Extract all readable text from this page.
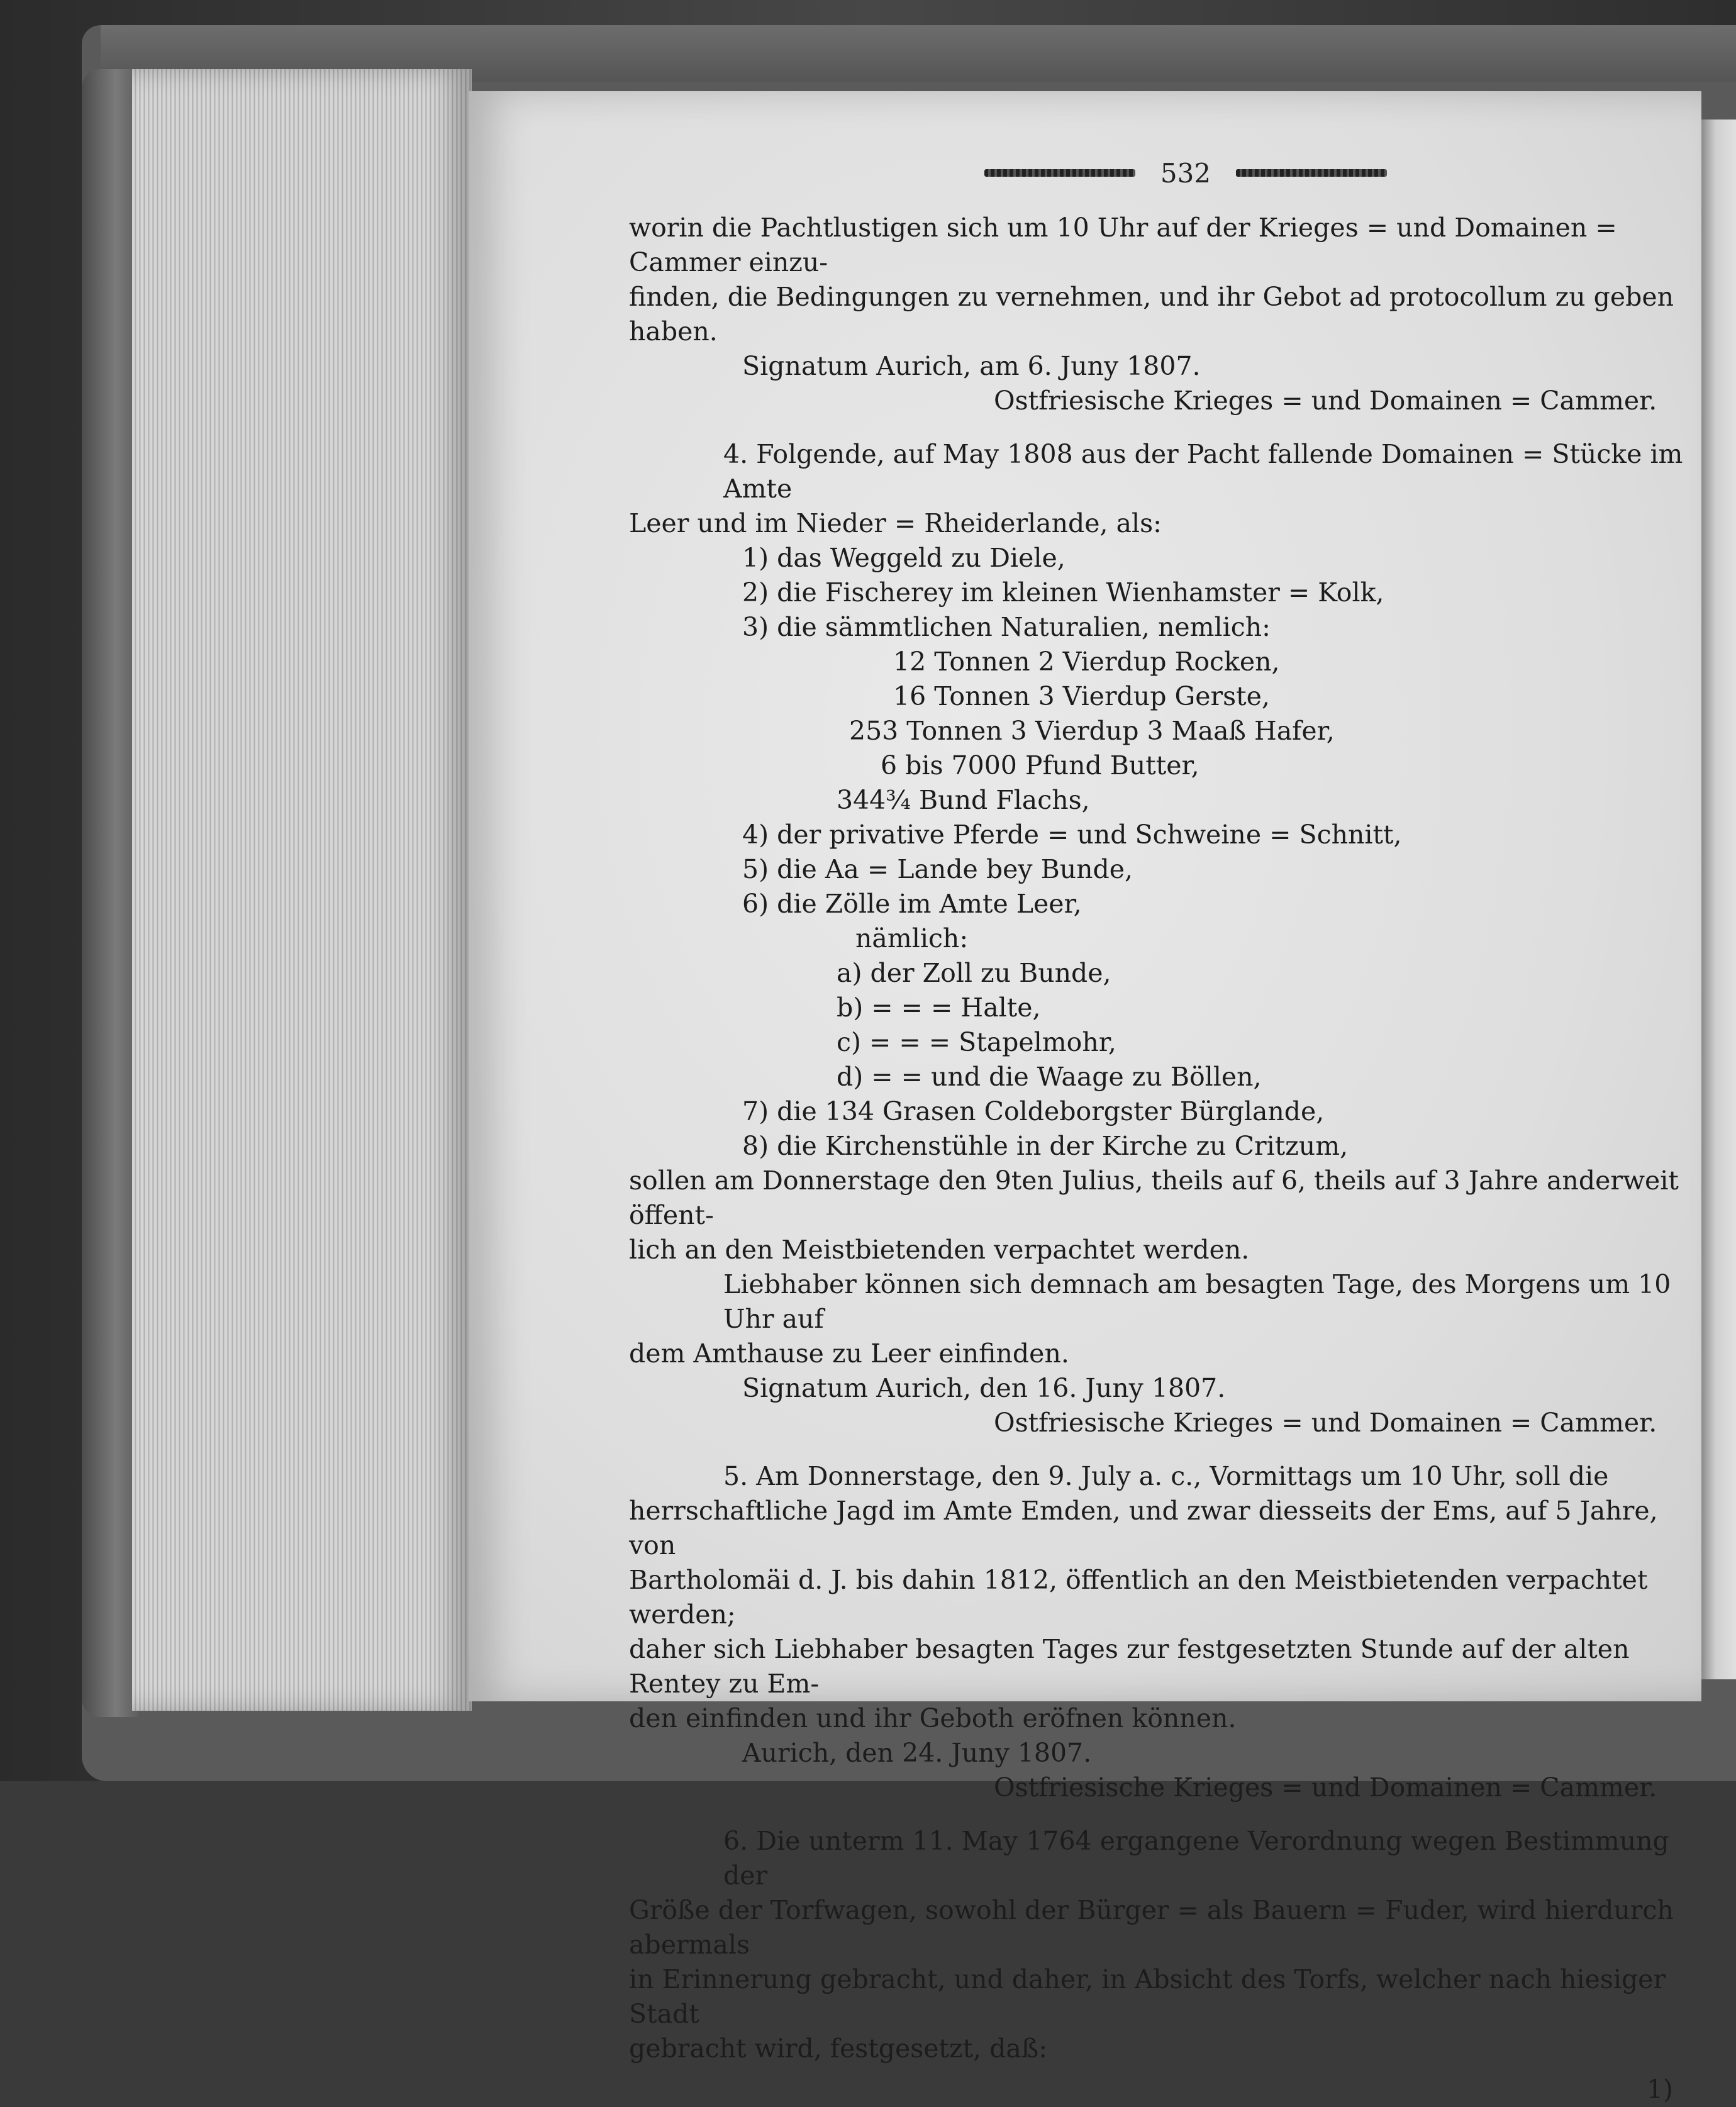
532

worin die Pachtlustigen sich um 10 Uhr auf der Krieges = und Domainen = Cammer einzu-

finden, die Bedingungen zu vernehmen, und ihr Gebot ad protocollum zu geben haben.

Signatum Aurich, am 6. Juny 1807.

Ostfriesische Krieges = und Domainen = Cammer.

4. Folgende, auf May 1808 aus der Pacht fallende Domainen = Stücke im Amte

Leer und im Nieder = Rheiderlande, als:

1) das Weggeld zu Diele,

2) die Fischerey im kleinen Wienhamster = Kolk,

3) die sämmtlichen Naturalien, nemlich:

12 Tonnen 2 Vierdup Rocken,

16 Tonnen 3 Vierdup Gerste,

253 Tonnen 3 Vierdup 3 Maaß Hafer,

6 bis 7000 Pfund Butter,

344¾ Bund Flachs,

4) der privative Pferde = und Schweine = Schnitt,

5) die Aa = Lande bey Bunde,

6) die Zölle im Amte Leer,

nämlich:

a) der Zoll zu Bunde,

b) = = = Halte,

c) = = = Stapelmohr,

d) = = und die Waage zu Böllen,

7) die 134 Grasen Coldeborgster Bürglande,

8) die Kirchenstühle in der Kirche zu Critzum,

sollen am Donnerstage den 9ten Julius, theils auf 6, theils auf 3 Jahre anderweit öffent-

lich an den Meistbietenden verpachtet werden.

Liebhaber können sich demnach am besagten Tage, des Morgens um 10 Uhr auf

dem Amthause zu Leer einfinden.

Signatum Aurich, den 16. Juny 1807.

Ostfriesische Krieges = und Domainen = Cammer.

5. Am Donnerstage, den 9. July a. c., Vormittags um 10 Uhr, soll die

herrschaftliche Jagd im Amte Emden, und zwar diesseits der Ems, auf 5 Jahre, von

Bartholomäi d. J. bis dahin 1812, öffentlich an den Meistbietenden verpachtet werden;

daher sich Liebhaber besagten Tages zur festgesetzten Stunde auf der alten Rentey zu Em-

den einfinden und ihr Geboth eröfnen können.

Aurich, den 24. Juny 1807.

Ostfriesische Krieges = und Domainen = Cammer.

6. Die unterm 11. May 1764 ergangene Verordnung wegen Bestimmung der

Größe der Torfwagen, sowohl der Bürger = als Bauern = Fuder, wird hierdurch abermals

in Erinnerung gebracht, und daher, in Absicht des Torfs, welcher nach hiesiger Stadt

gebracht wird, festgesetzt, daß:

1)
